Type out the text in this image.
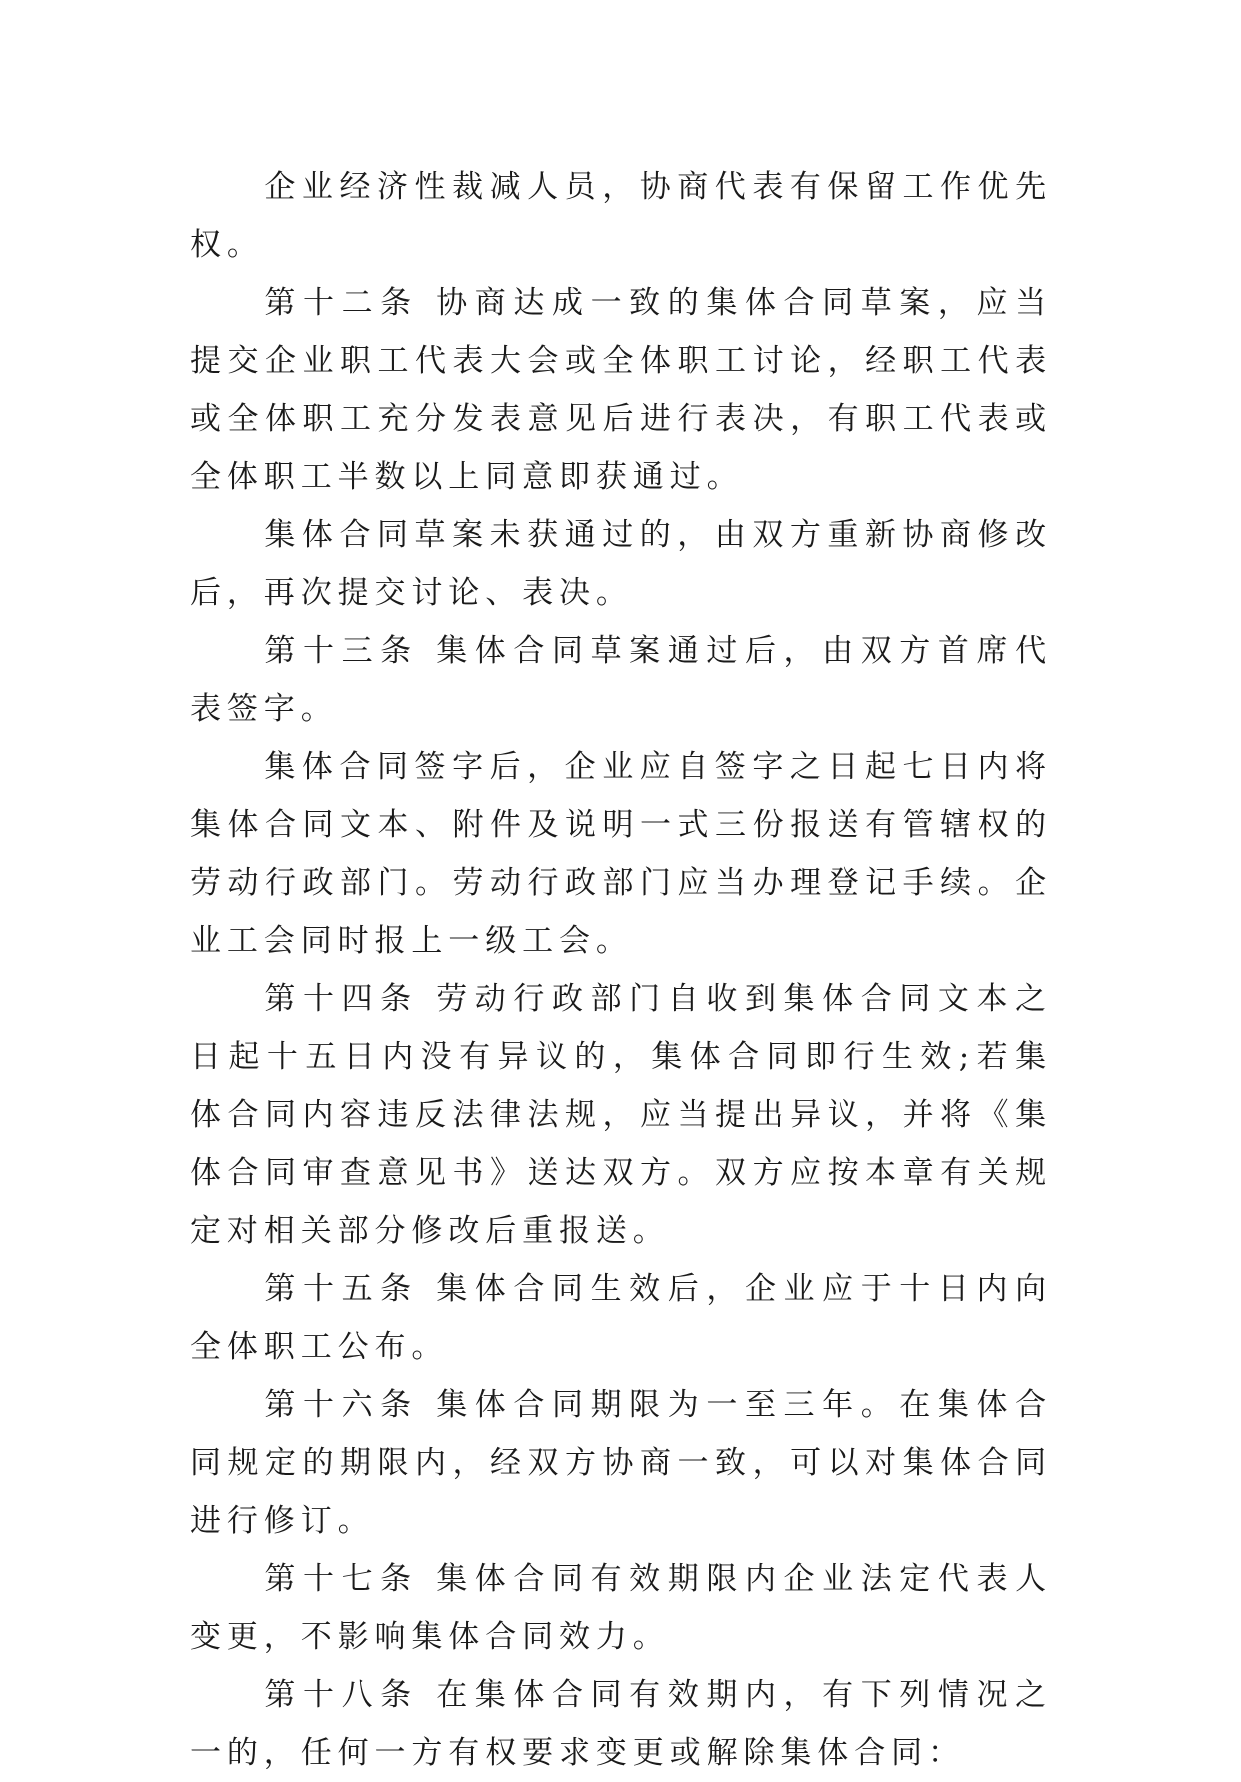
企业经济性裁减人员，协商代表有保留工作优先权。

第十二条 协商达成一致的集体合同草案，应当提交企业职工代表大会或全体职工讨论，经职工代表或全体职工充分发表意见后进行表决，有职工代表或全体职工半数以上同意即获通过。

集体合同草案未获通过的，由双方重新协商修改后，再次提交讨论、表决。

第十三条 集体合同草案通过后，由双方首席代表签字。

集体合同签字后，企业应自签字之日起七日内将集体合同文本、附件及说明一式三份报送有管辖权的劳动行政部门。劳动行政部门应当办理登记手续。企业工会同时报上一级工会。

第十四条 劳动行政部门自收到集体合同文本之日起十五日内没有异议的，集体合同即行生效;若集体合同内容违反法律法规，应当提出异议，并将《集体合同审查意见书》送达双方。双方应按本章有关规定对相关部分修改后重报送。

第十五条 集体合同生效后，企业应于十日内向全体职工公布。

第十六条 集体合同期限为一至三年。在集体合同规定的期限内，经双方协商一致，可以对集体合同进行修订。

第十七条 集体合同有效期限内企业法定代表人变更，不影响集体合同效力。

第十八条 在集体合同有效期内，有下列情况之一的，任何一方有权要求变更或解除集体合同：
